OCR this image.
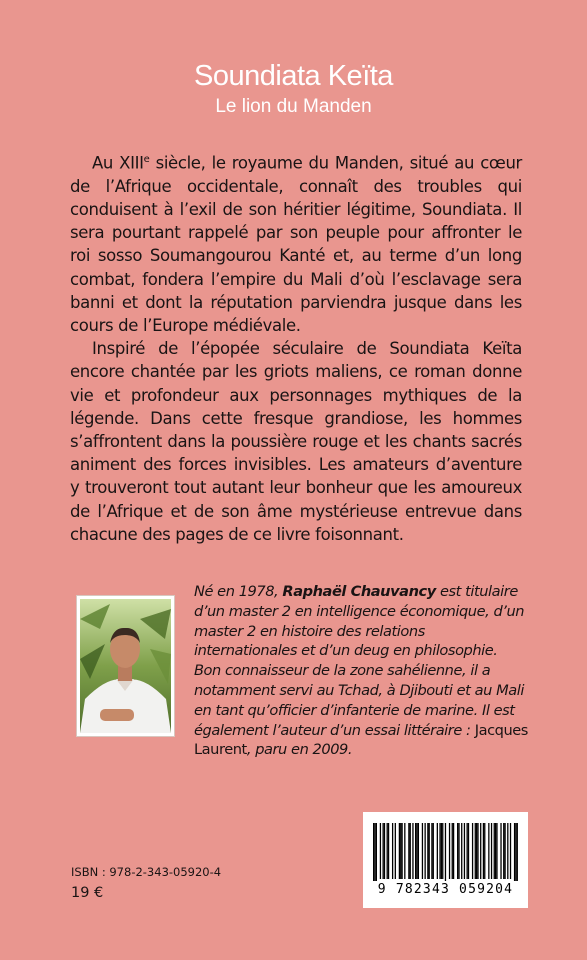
Soundiata Keïta
Le lion du Manden

Au XIIIe siècle, le royaume du Manden, situé au cœur de l’Afrique occidentale, connaît des troubles qui conduisent à l’exil de son héritier légitime, Soundiata. Il sera pourtant rappelé par son peuple pour affronter le roi sosso Soumangourou Kanté et, au terme d’un long combat, fondera l’empire du Mali d’où l’esclavage sera banni et dont la réputation parviendra jusque dans les cours de l’Europe médiévale.

Inspiré de l’épopée séculaire de Soundiata Keïta encore chantée par les griots maliens, ce roman donne vie et profondeur aux personnages mythiques de la légende. Dans cette fresque grandiose, les hommes s’affrontent dans la poussière rouge et les chants sacrés animent des forces invisibles. Les amateurs d’aventure y trouveront tout autant leur bonheur que les amoureux de l’Afrique et de son âme mystérieuse entrevue dans chacune des pages de ce livre foisonnant.

Né en 1978, Raphaël Chauvancy est titulaire d’un master 2 en intelligence économique, d’un master 2 en histoire des relations internationales et d’un deug en philosophie. Bon connaisseur de la zone sahélienne, il a notamment servi au Tchad, à Djibouti et au Mali en tant qu’officier d’infanterie de marine. Il est également l’auteur d’un essai littéraire : Jacques Laurent, paru en 2009.
ISBN : 978-2-343-05920-4
19 €	9 782343 059204
